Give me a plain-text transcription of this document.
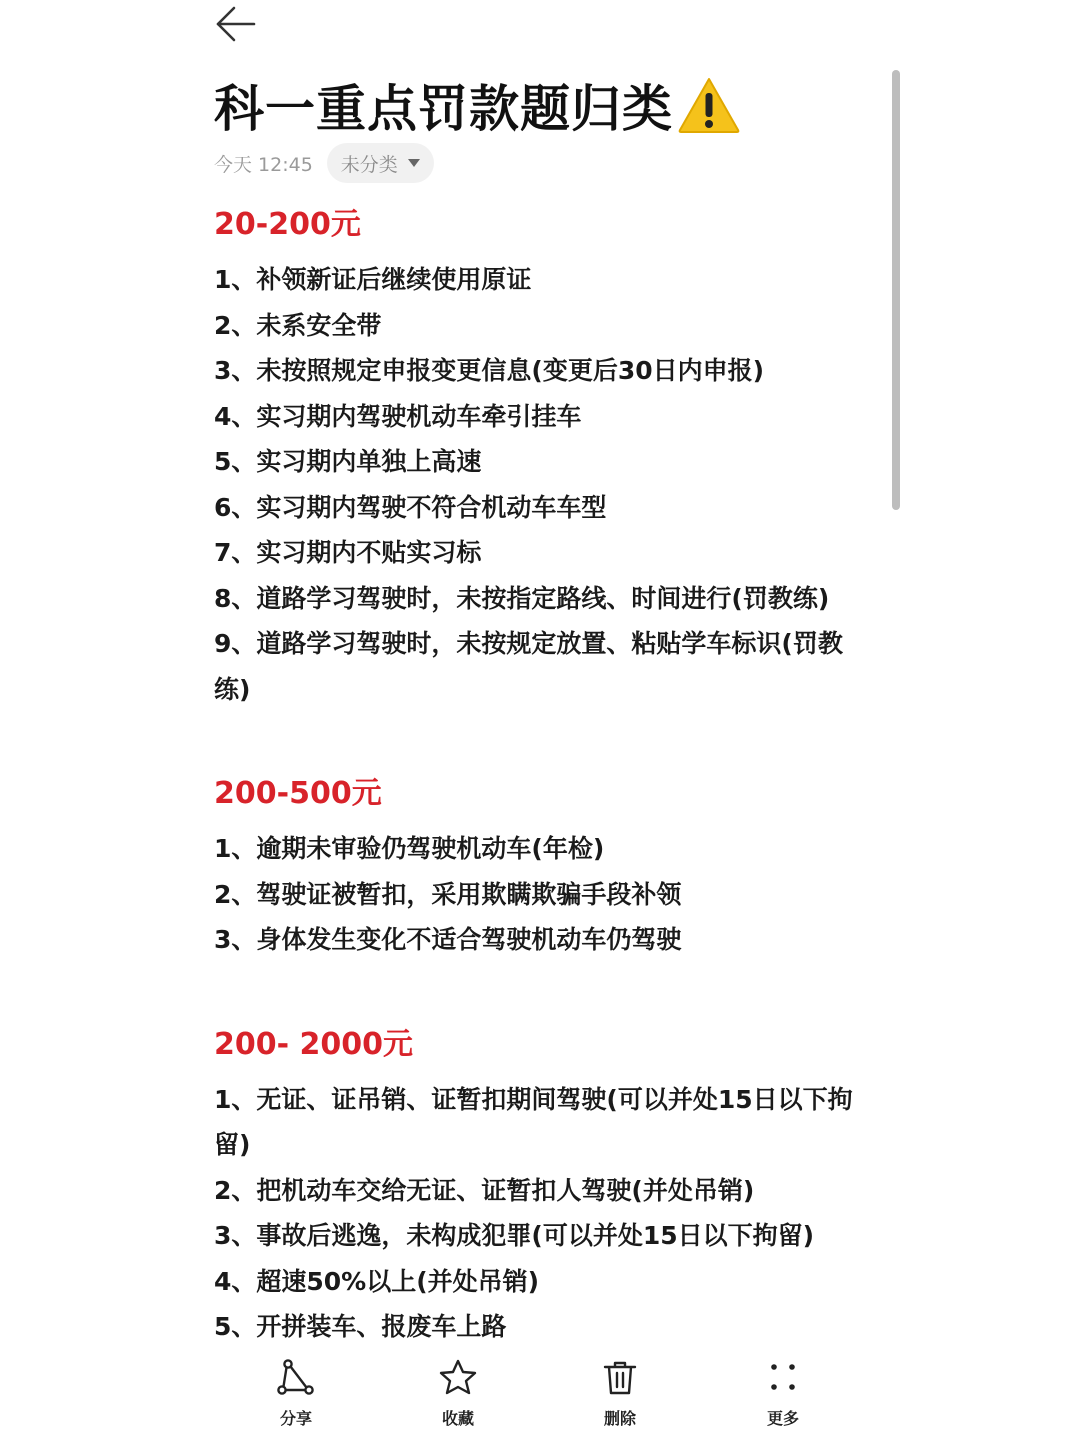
科一重点罚款题归类
今天 12:45 未分类
20-200元
1、补领新证后继续使用原证
2、未系安全带
3、未按照规定申报变更信息(变更后30日内申报)
4、实习期内驾驶机动车牵引挂车
5、实习期内单独上高速
6、实习期内驾驶不符合机动车车型
7、实习期内不贴实习标
8、道路学习驾驶时，未按指定路线、时间进行(罚教练)
9、道路学习驾驶时，未按规定放置、粘贴学车标识(罚教练)
200-500元
1、逾期未审验仍驾驶机动车(年检)
2、驾驶证被暂扣，采用欺瞒欺骗手段补领
3、身体发生变化不适合驾驶机动车仍驾驶
200- 2000元
1、无证、证吊销、证暂扣期间驾驶(可以并处15日以下拘留)
2、把机动车交给无证、证暂扣人驾驶(并处吊销)
3、事故后逃逸，未构成犯罪(可以并处15日以下拘留)
4、超速50%以上(并处吊销)
5、开拼装车、报废车上路
分享	收藏	删除	更多
